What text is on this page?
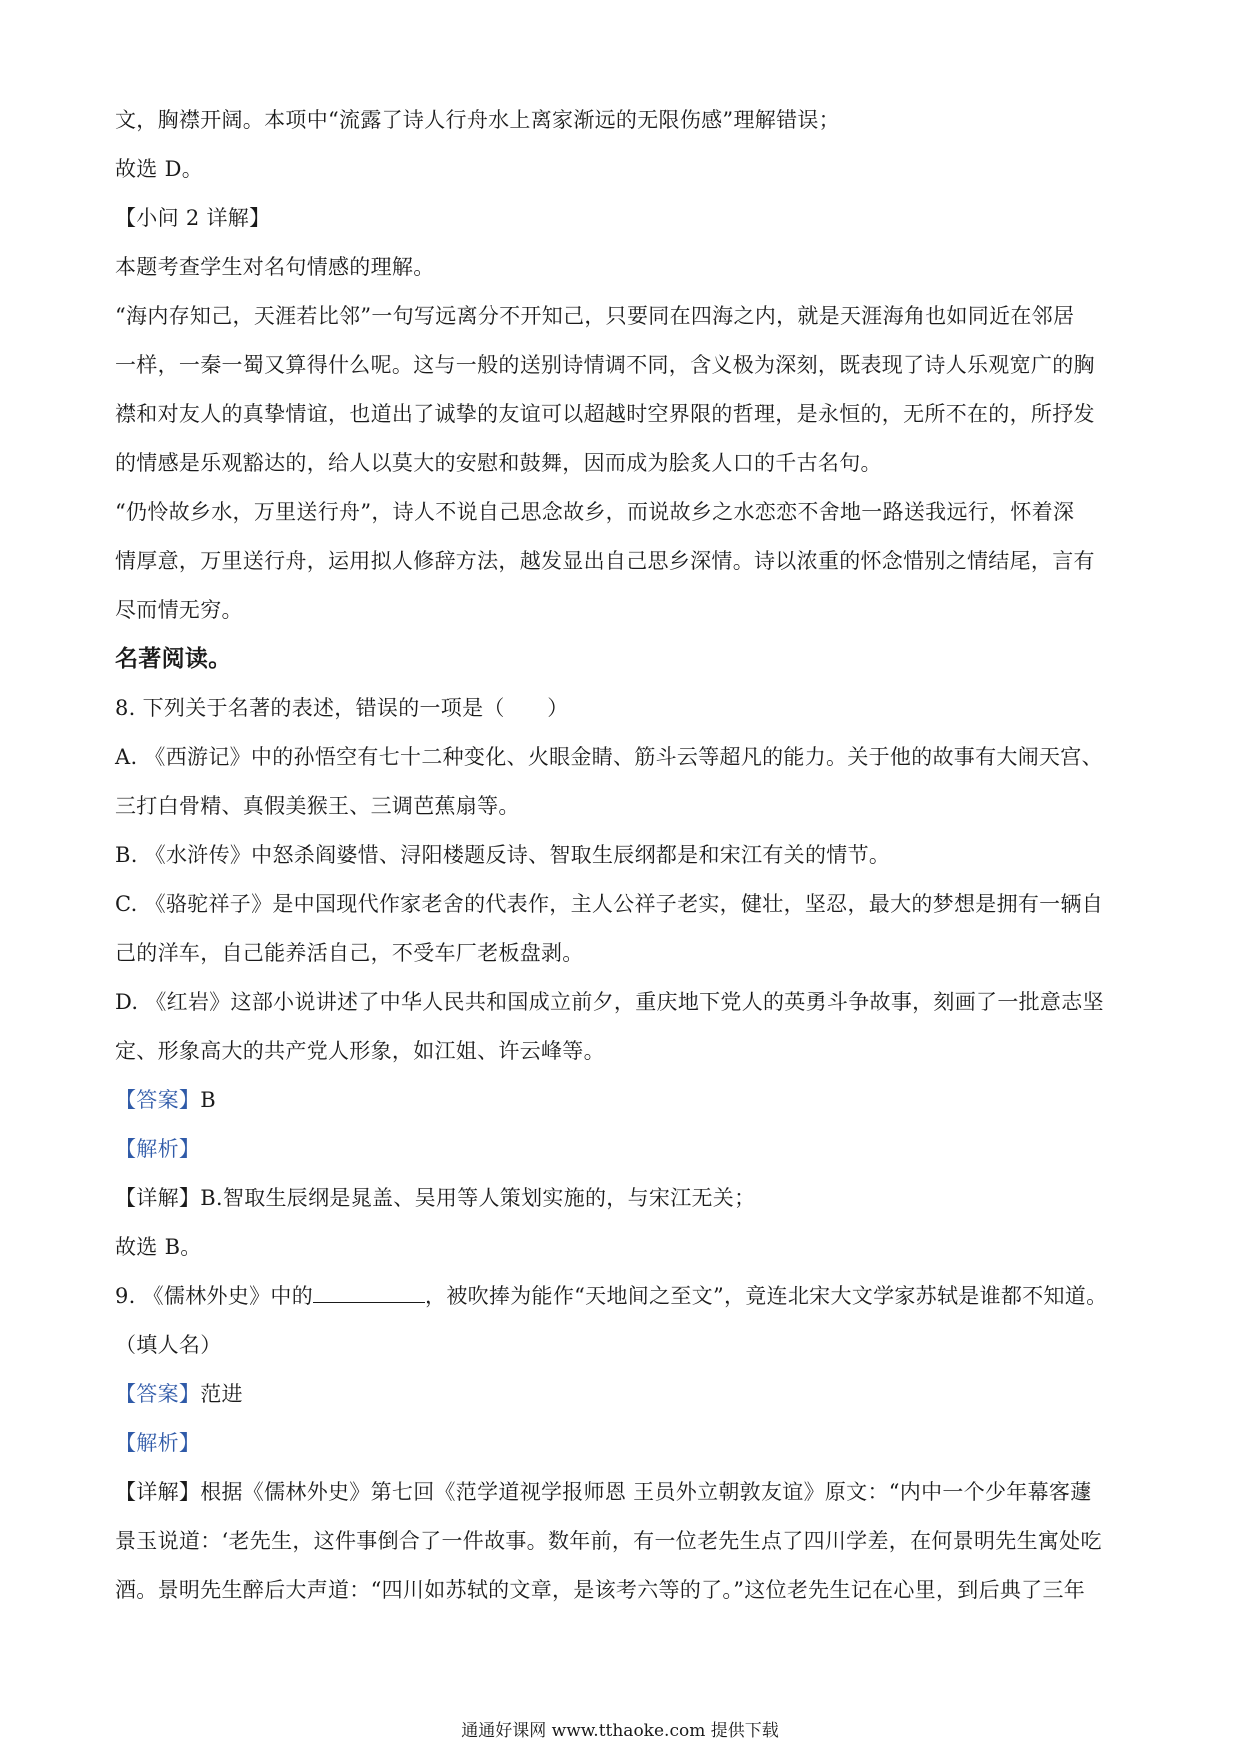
文，胸襟开阔。本项中“流露了诗人行舟水上离家渐远的无限伤感”理解错误；
故选 D。
【小问 2 详解】
本题考查学生对名句情感的理解。
“海内存知己，天涯若比邻”一句写远离分不开知己，只要同在四海之内，就是天涯海角也如同近在邻居
一样，一秦一蜀又算得什么呢。这与一般的送别诗情调不同，含义极为深刻，既表现了诗人乐观宽广的胸
襟和对友人的真挚情谊，也道出了诚挚的友谊可以超越时空界限的哲理，是永恒的，无所不在的，所抒发
的情感是乐观豁达的，给人以莫大的安慰和鼓舞，因而成为脍炙人口的千古名句。
“仍怜故乡水，万里送行舟”，诗人不说自己思念故乡，而说故乡之水恋恋不舍地一路送我远行，怀着深
情厚意，万里送行舟，运用拟人修辞方法，越发显出自己思乡深情。诗以浓重的怀念惜别之情结尾，言有
尽而情无穷。
名著阅读。
8. 下列关于名著的表述，错误的一项是（　　）
A. 《西游记》中的孙悟空有七十二种变化、火眼金睛、筋斗云等超凡的能力。关于他的故事有大闹天宫、
三打白骨精、真假美猴王、三调芭蕉扇等。
B. 《水浒传》中怒杀阎婆惜、浔阳楼题反诗、智取生辰纲都是和宋江有关的情节。
C. 《骆驼祥子》是中国现代作家老舍的代表作，主人公祥子老实，健壮，坚忍，最大的梦想是拥有一辆自
己的洋车，自己能养活自己，不受车厂老板盘剥。
D. 《红岩》这部小说讲述了中华人民共和国成立前夕，重庆地下党人的英勇斗争故事，刻画了一批意志坚
定、形象高大的共产党人形象，如江姐、许云峰等。
【答案】B
【解析】
【详解】B.智取生辰纲是晁盖、吴用等人策划实施的，与宋江无关；
故选 B。
9. 《儒林外史》中的	，被吹捧为能作“天地间之至文”，竟连北宋大文学家苏轼是谁都不知道。
（填人名）
【答案】范进
【解析】
【详解】根据《儒林外史》第七回《范学道视学报师恩 王员外立朝敦友谊》原文：“内中一个少年幕客蘧
景玉说道：‘老先生，这件事倒合了一件故事。数年前，有一位老先生点了四川学差，在何景明先生寓处吃
酒。景明先生醉后大声道：“四川如苏轼的文章，是该考六等的了。”这位老先生记在心里，到后典了三年
通通好课网 www.tthaoke.com 提供下载
